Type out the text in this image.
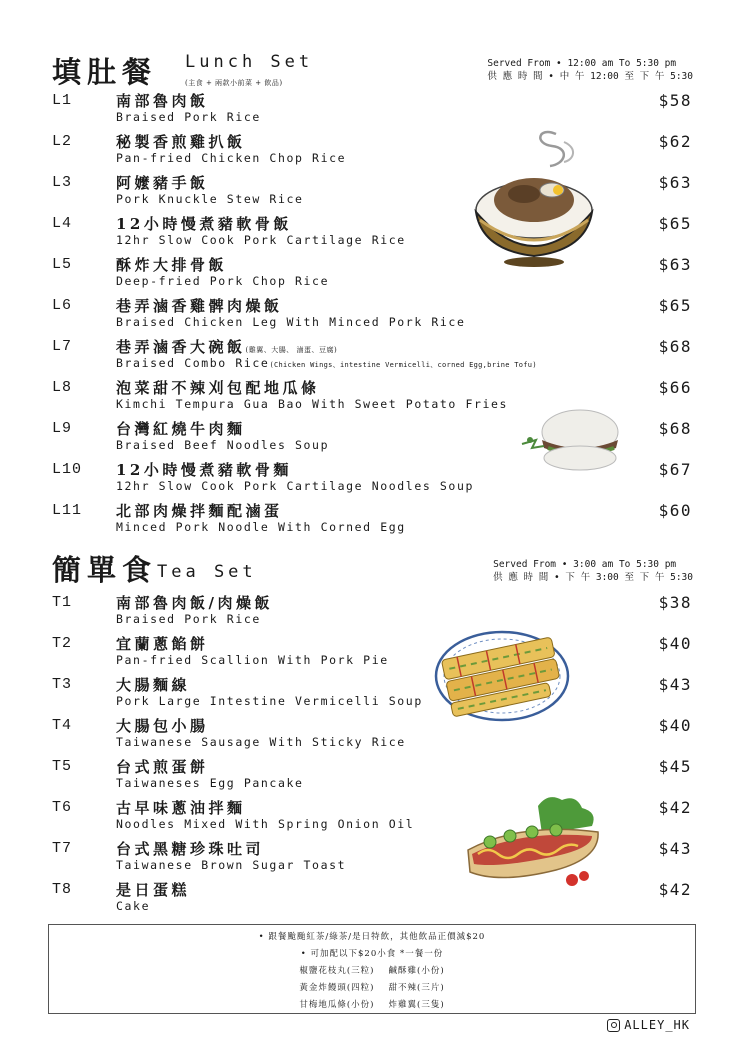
填肚餐 Lunch Set
(主食 + 兩款小前菜 + 飲品)
Served From • 12:00 am To 5:30 pm
供 應 時 間 • 中 午 12:00 至 下 午 5:30
L1	南部魯肉飯
Braised Pork Rice
$58
L2	秘製香煎雞扒飯
Pan-fried Chicken Chop Rice
$62
L3	阿嬤豬手飯
Pork Knuckle Stew Rice
$63
L4	12小時慢煮豬軟骨飯
12hr Slow Cook Pork Cartilage Rice
$65
L5	酥炸大排骨飯
Deep-fried Pork Chop Rice
$63
L6	巷弄滷香雞髀肉燥飯
Braised Chicken Leg With Minced Pork Rice
$65
L7	巷弄滷香大碗飯(雞翼、大腸、 滷蛋、豆腐)
Braised Combo Rice(Chicken Wings、intestine Vermicelli、corned Egg,brine Tofu)
$68
L8	泡菜甜不辣刈包配地瓜條
Kimchi Tempura Gua Bao With Sweet Potato Fries
$66
L9	台灣紅燒牛肉麵
Braised Beef Noodles Soup
$68
L10 12小時慢煮豬軟骨麵
12hr Slow Cook Pork Cartilage Noodles Soup
$67
L11 北部肉燥拌麵配滷蛋
Minced Pork Noodle With Corned Egg
$60
簡單食 Tea Set	Served From • 3:00 am To 5:30 pm
供 應 時 間 • 下 午 3:00 至 下 午 5:30
T1	南部魯肉飯/肉燥飯
Braised Pork Rice
$38
T2	宜蘭蔥餡餅
Pan-fried Scallion With Pork Pie
$40
T3	大腸麵線
Pork Large Intestine Vermicelli Soup
$43
T4	大腸包小腸
Taiwanese Sausage With Sticky Rice
$40
T5	台式煎蛋餅
Taiwaneses Egg Pancake
$45
T6	古早味蔥油拌麵
Noodles Mixed With Spring Onion Oil
$42
T7	台式黑糖珍珠吐司
Taiwanese Brown Sugar Toast
$43
T8	是日蛋糕
Cake
$42
• 跟餐颱颱紅茶/綠茶/是日特飲，其他飲品正價減$20
• 可加配以下$20小食 *一餐一份
椒鹽花枝丸(三粒) 鹹酥雞(小份)
黃金炸饅頭(四粒) 甜不辣(三片)
甘梅地瓜條(小份) 炸雞翼(三隻)
ALLEY_HK
